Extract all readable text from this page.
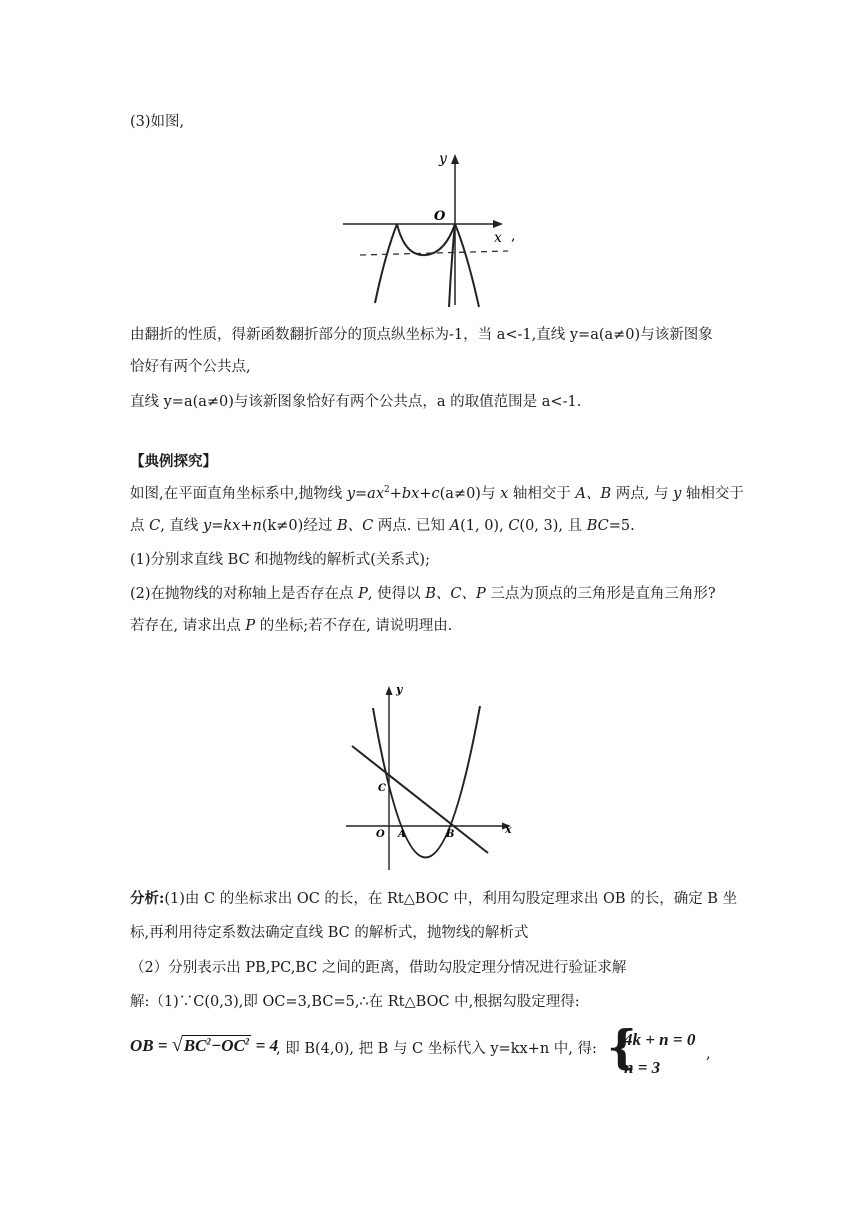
(3)如图,
O
y
x ,
由翻折的性质，得新函数翻折部分的顶点纵坐标为-1，当 a<-1,直线 y=a(a≠0)与该新图象
恰好有两个公共点,
直线 y=a(a≠0)与该新图象恰好有两个公共点，a 的取值范围是 a<-1.
【典例探究】
如图,在平面直角坐标系中,抛物线 $y=ax^2+bx+c(a\ne 0)$与 x 轴相交于 A、B 两点, 与 y 轴相交于
点 C, 直线 y=kx+n(k≠0)经过 B、C 两点. 已知 A(1, 0), C(0, 3), 且 BC=5.
(1)分别求直线 BC 和抛物线的解析式(关系式);
(2)在抛物线的对称轴上是否存在点 P, 使得以 B、C、P 三点为顶点的三角形是直角三角形?
若存在, 请求出点 P 的坐标;若不存在, 请说明理由.
y
x
O A	B
C
分析:(1)由 C 的坐标求出 OC 的长，在 Rt△BOC 中，利用勾股定理求出 OB 的长，确定 B 坐
标,再利用待定系数法确定直线 BC 的解析式，抛物线的解析式
（2）分别表示出 PB,PC,BC 之间的距离，借助勾股定理分情况进行验证求解
解:（1)∵C(0,3),即 OC=3,BC=5,∴在 Rt△BOC 中,根据勾股定理得:
OB = $√BC^2-OC^2 = 4$
, 即 B(4,0), 把 B 与 C 坐标代入 y=kx+n 中, 得: {
4k + n = 0
n = 3
,
